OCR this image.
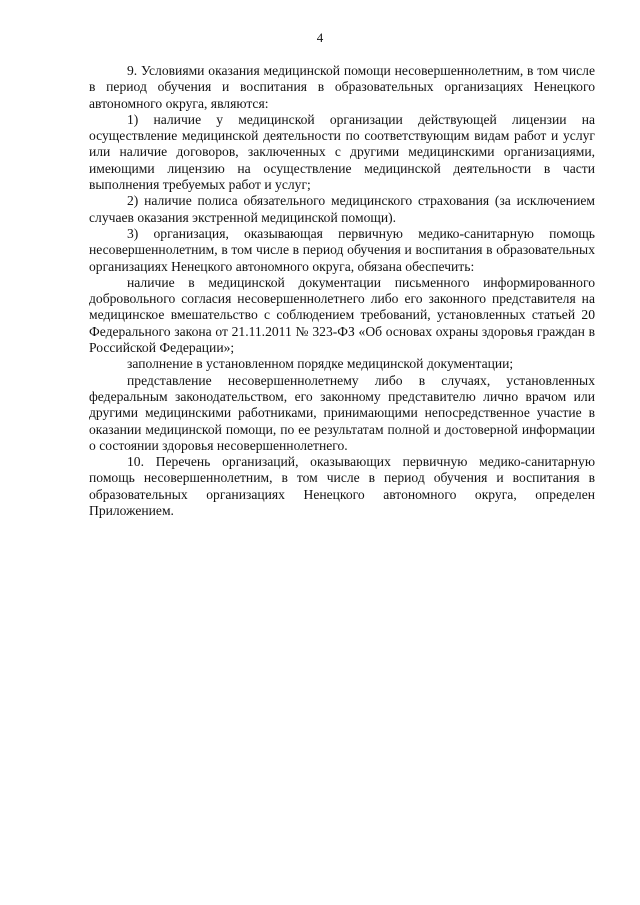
4

9. Условиями оказания медицинской помощи несовершеннолетним, в том числе в период обучения и воспитания в образовательных организациях Ненецкого автономного округа, являются:

1) наличие у медицинской организации действующей лицензии на осуществление медицинской деятельности по соответствующим видам работ и услуг или наличие договоров, заключенных с другими медицинскими организациями, имеющими лицензию на осуществление медицинской деятельности в части выполнения требуемых работ и услуг;

2) наличие полиса обязательного медицинского страхования (за исключением случаев оказания экстренной медицинской помощи).

3) организация, оказывающая первичную медико-санитарную помощь несовершеннолетним, в том числе в период обучения и воспитания в образовательных организациях Ненецкого автономного округа, обязана обеспечить:

наличие в медицинской документации письменного информированного добровольного согласия несовершеннолетнего либо его законного представителя на медицинское вмешательство с соблюдением требований, установленных статьей 20 Федерального закона от 21.11.2011 № 323-ФЗ «Об основах охраны здоровья граждан в Российской Федерации»;

заполнение в установленном порядке медицинской документации;

представление несовершеннолетнему либо в случаях, установленных федеральным законодательством, его законному представителю лично врачом или другими медицинскими работниками, принимающими непосредственное участие в оказании медицинской помощи, по ее результатам полной и достоверной информации о состоянии здоровья несовершеннолетнего.

10. Перечень организаций, оказывающих первичную медико-санитарную помощь несовершеннолетним, в том числе в период обучения и воспитания в образовательных организациях Ненецкого автономного округа, определен Приложением.
